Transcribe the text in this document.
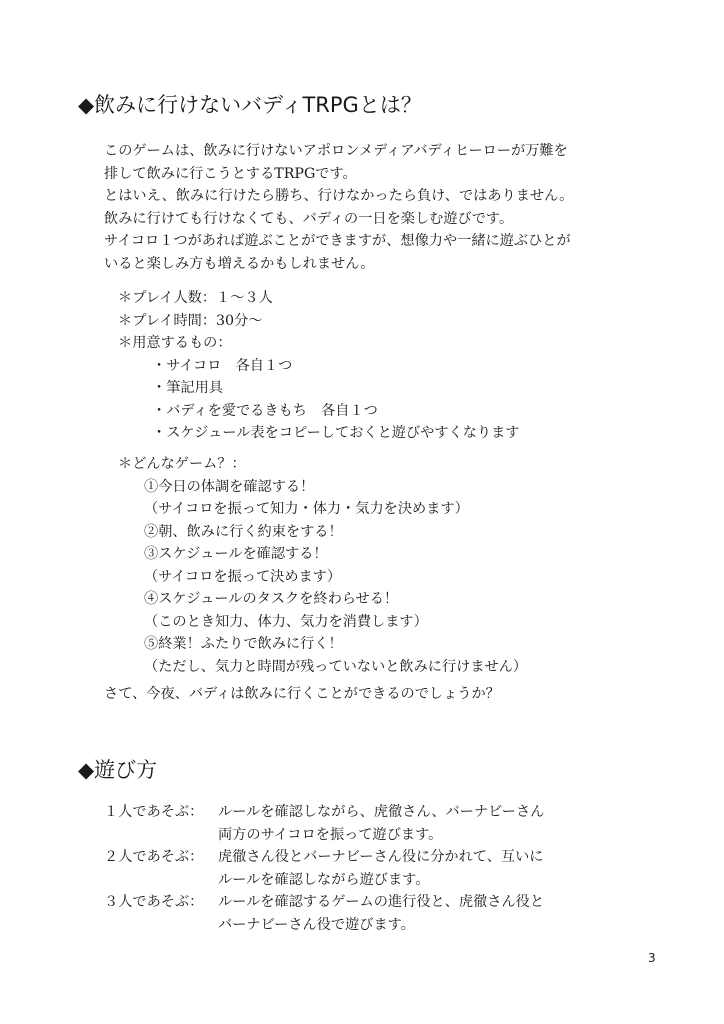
◆飲みに行けないバディTRPGとは？

このゲームは、飲みに行けないアポロンメディアバディヒーローが万難を

排して飲みに行こうとするTRPGです。

とはいえ、飲みに行けたら勝ち、行けなかったら負け、ではありません。

飲みに行けても行けなくても、バディの一日を楽しむ遊びです。

サイコロ１つがあれば遊ぶことができますが、想像力や一緒に遊ぶひとが

いると楽しみ方も増えるかもしれません。

＊プレイ人数：１～３人
＊プレイ時間：30分～
＊用意するもの：
・サイコロ　各自１つ
・筆記用具
・バディを愛でるきもち　各自１つ
・スケジュール表をコピーしておくと遊びやすくなります
＊どんなゲーム？：
①今日の体調を確認する！
（サイコロを振って知力・体力・気力を決めます）
②朝、飲みに行く約束をする！
③スケジュールを確認する！
（サイコロを振って決めます）
④スケジュールのタスクを終わらせる！
（このとき知力、体力、気力を消費します）
⑤終業！ふたりで飲みに行く！
（ただし、気力と時間が残っていないと飲みに行けません）
さて、今夜、バディは飲みに行くことができるのでしょうか？
◆遊び方
１人であそぶ：	ルールを確認しながら、虎徹さん、バーナビーさん
両方のサイコロを振って遊びます。
２人であそぶ：	虎徹さん役とバーナビーさん役に分かれて、互いに
ルールを確認しながら遊びます。
３人であそぶ：	ルールを確認するゲームの進行役と、虎徹さん役と
バーナビーさん役で遊びます。
3
